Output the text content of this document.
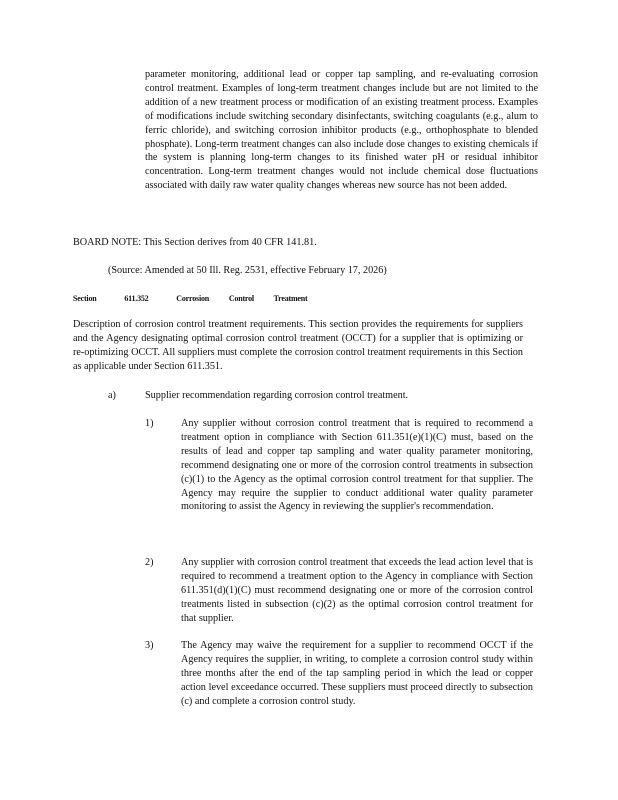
parameter monitoring, additional lead or copper tap sampling, and re-evaluating corrosion control treatment. Examples of long-term treatment changes include but are not limited to the addition of a new treatment process or modification of an existing treatment process. Examples of modifications include switching secondary disinfectants, switching coagulants (e.g., alum to ferric chloride), and switching corrosion inhibitor products (e.g., orthophosphate to blended phosphate). Long-term treatment changes can also include dose changes to existing chemicals if the system is planning long-term changes to its finished water pH or residual inhibitor concentration. Long-term treatment changes would not include chemical dose fluctuations associated with daily raw water quality changes whereas new source has not been added.
BOARD NOTE: This Section derives from 40 CFR 141.81.
(Source: Amended at 50 Ill. Reg. 2531, effective February 17, 2026)
Section	611.352	Corrosion Control Treatment
Description of corrosion control treatment requirements. This section provides the requirements for suppliers and the Agency designating optimal corrosion control treatment (OCCT) for a supplier that is optimizing or re-optimizing OCCT. All suppliers must complete the corrosion control treatment requirements in this Section as applicable under Section 611.351.
a)	Supplier recommendation regarding corrosion control treatment.
1)	Any supplier without corrosion control treatment that is required to recommend a treatment option in compliance with Section 611.351(e)(1)(C) must, based on the results of lead and copper tap sampling and water quality parameter monitoring, recommend designating one or more of the corrosion control treatments in subsection (c)(1) to the Agency as the optimal corrosion control treatment for that supplier. The Agency may require the supplier to conduct additional water quality parameter monitoring to assist the Agency in reviewing the supplier's recommendation.
2)	Any supplier with corrosion control treatment that exceeds the lead action level that is required to recommend a treatment option to the Agency in compliance with Section 611.351(d)(1)(C) must recommend designating one or more of the corrosion control treatments listed in subsection (c)(2) as the optimal corrosion control treatment for that supplier.
3)	The Agency may waive the requirement for a supplier to recommend OCCT if the Agency requires the supplier, in writing, to complete a corrosion control study within three months after the end of the tap sampling period in which the lead or copper action level exceedance occurred. These suppliers must proceed directly to subsection (c) and complete a corrosion control study.
